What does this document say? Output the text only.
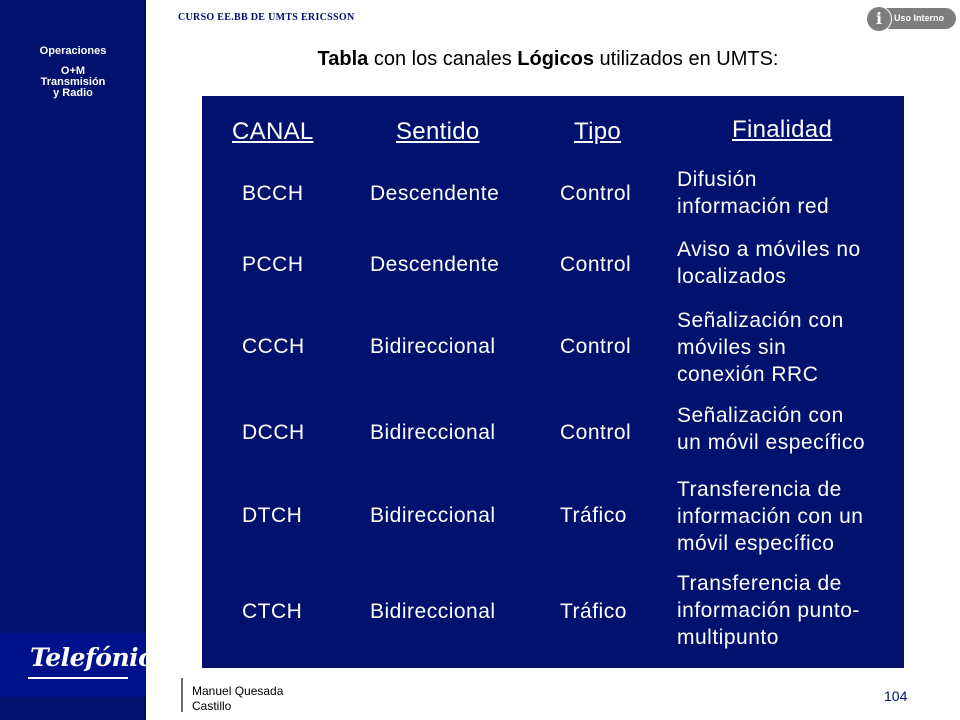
Operaciones
O+M
Transmisión
y Radio
Telefónica
CURSO EE.BB DE UMTS ERICSSON	i	Uso Interno
Tabla con los canales Lógicos utilizados en UMTS:
CANAL	Sentido	Tipo	Finalidad
BCCH	Descendente	Control
Difusión
información red
PCCH	Descendente	Control
Aviso a móviles no
localizados
CCCH	Bidireccional	Control
Señalización con
móviles sin
conexión RRC
DCCH	Bidireccional	Control
Señalización con
un móvil específico
DTCH	Bidireccional	Tráfico
Transferencia de
información con un
móvil específico
CTCH	Bidireccional	Tráfico
Transferencia de
información punto-
multipunto
Manuel Quesada
Castillo
104
